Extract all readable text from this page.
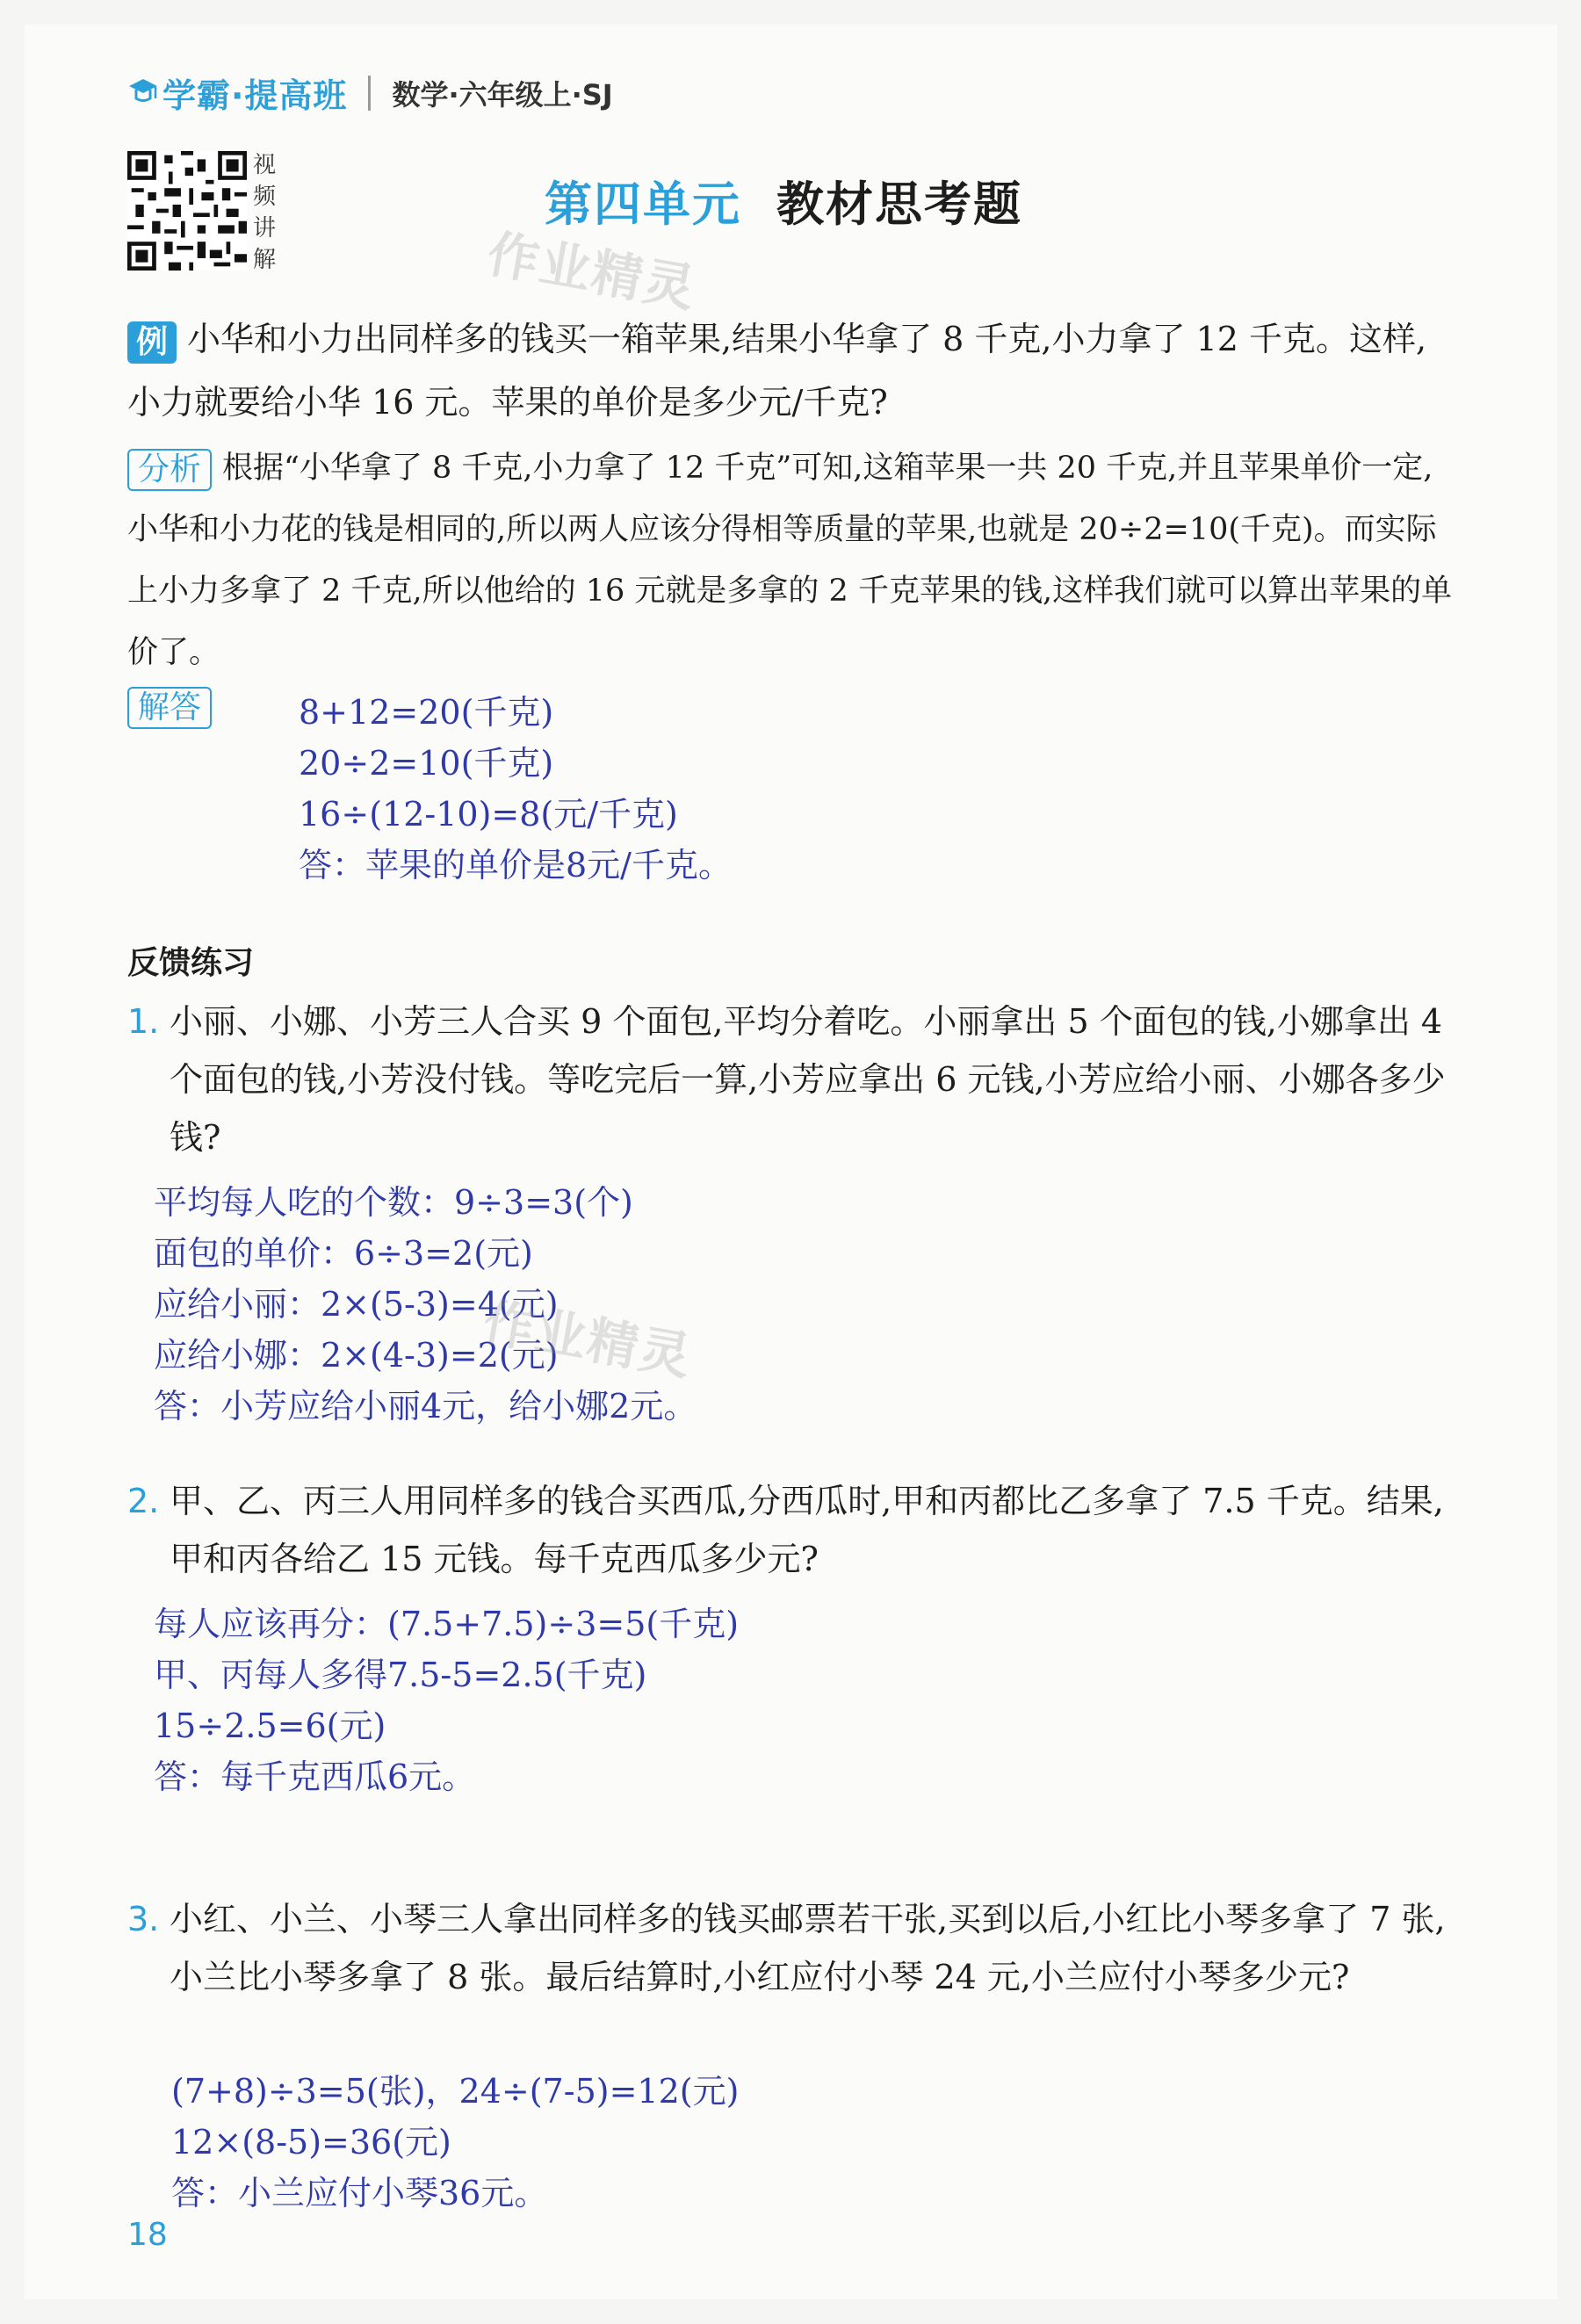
学霸·提高班 数学·六年级上·SJ
视频讲解
第四单元 教材思考题
作业精灵
例 小华和小力出同样多的钱买一箱苹果,结果小华拿了 8 千克,小力拿了 12 千克。这样,小力就要给小华 16 元。苹果的单价是多少元/千克?
分析 根据“小华拿了 8 千克,小力拿了 12 千克”可知,这箱苹果一共 20 千克,并且苹果单价一定,小华和小力花的钱是相同的,所以两人应该分得相等质量的苹果,也就是 20÷2=10(千克)。而实际上小力多拿了 2 千克,所以他给的 16 元就是多拿的 2 千克苹果的钱,这样我们就可以算出苹果的单价了。
解答	8+12=20(千克)
20÷2=10(千克)
16÷(12-10)=8(元/千克)
答：苹果的单价是8元/千克。
反馈练习
1. 小丽、小娜、小芳三人合买 9 个面包,平均分着吃。小丽拿出 5 个面包的钱,小娜拿出 4 个面包的钱,小芳没付钱。等吃完后一算,小芳应拿出 6 元钱,小芳应给小丽、小娜各多少钱?
平均每人吃的个数：9÷3=3(个)
面包的单价：6÷3=2(元)
应给小丽：2×(5-3)=4(元)
应给小娜：2×(4-3)=2(元)
答：小芳应给小丽4元，给小娜2元。
作业精灵
2. 甲、乙、丙三人用同样多的钱合买西瓜,分西瓜时,甲和丙都比乙多拿了 7.5 千克。结果,甲和丙各给乙 15 元钱。每千克西瓜多少元?
每人应该再分：(7.5+7.5)÷3=5(千克)
甲、丙每人多得7.5-5=2.5(千克)
15÷2.5=6(元)
答：每千克西瓜6元。
3. 小红、小兰、小琴三人拿出同样多的钱买邮票若干张,买到以后,小红比小琴多拿了 7 张,小兰比小琴多拿了 8 张。最后结算时,小红应付小琴 24 元,小兰应付小琴多少元?
(7+8)÷3=5(张)，24÷(7-5)=12(元)
12×(8-5)=36(元)
答：小兰应付小琴36元。
18
